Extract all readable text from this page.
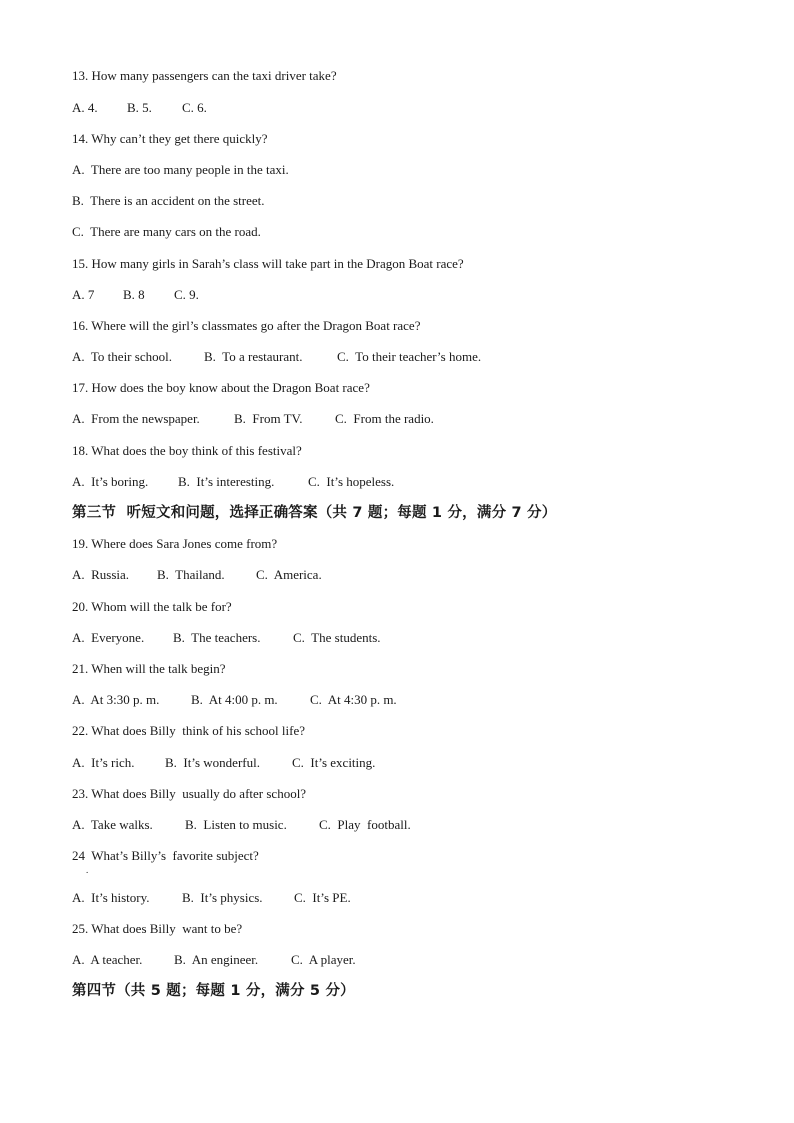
13. How many passengers can the taxi driver take?
A. 4. B. 5. C. 6.
14. Why can’t they get there quickly?
A.  There are too many people in the taxi.
B.  There is an accident on the street.
C.  There are many cars on the road.
15. How many girls in Sarah’s class will take part in the Dragon Boat race?
A. 7 B. 8 C. 9.
16. Where will the girl’s classmates go after the Dragon Boat race?
A.  To their school. B.  To a restaurant.	C.  To their teacher’s home.
17. How does the boy know about the Dragon Boat race?
A.  From the newspaper.	B.  From TV. C.  From the radio.
18. What does the boy think of this festival?
A.  It’s boring. B.  It’s interesting.	C.  It’s hopeless.
第三节  听短文和问题，选择正确答案（共 7 题；每题 1 分，满分 7 分）
19. Where does Sara Jones come from?
A.  Russia. B.  Thailand. C.  America.
20. Whom will the talk be for?
A.  Everyone. B.  The teachers.	C.  The students.
21. When will the talk begin?
A.  At 3:30 p. m. B.  At 4:00 p. m. C.  At 4:30 p. m.
22. What does Billy  think of his school life?
A.  It’s rich. B.  It’s wonderful. C.  It’s exciting.
23. What does Billy  usually do after school?
A.  Take walks. B.  Listen to music. C.  Play  football.
24 What’s Billy’s  favorite subject?
.
A.  It’s history. B.  It’s physics. C.  It’s PE.
25. What does Billy  want to be?
A.  A teacher. B.  An engineer.	C.  A player.
第四节（共 5 题；每题 1 分，满分 5 分）
